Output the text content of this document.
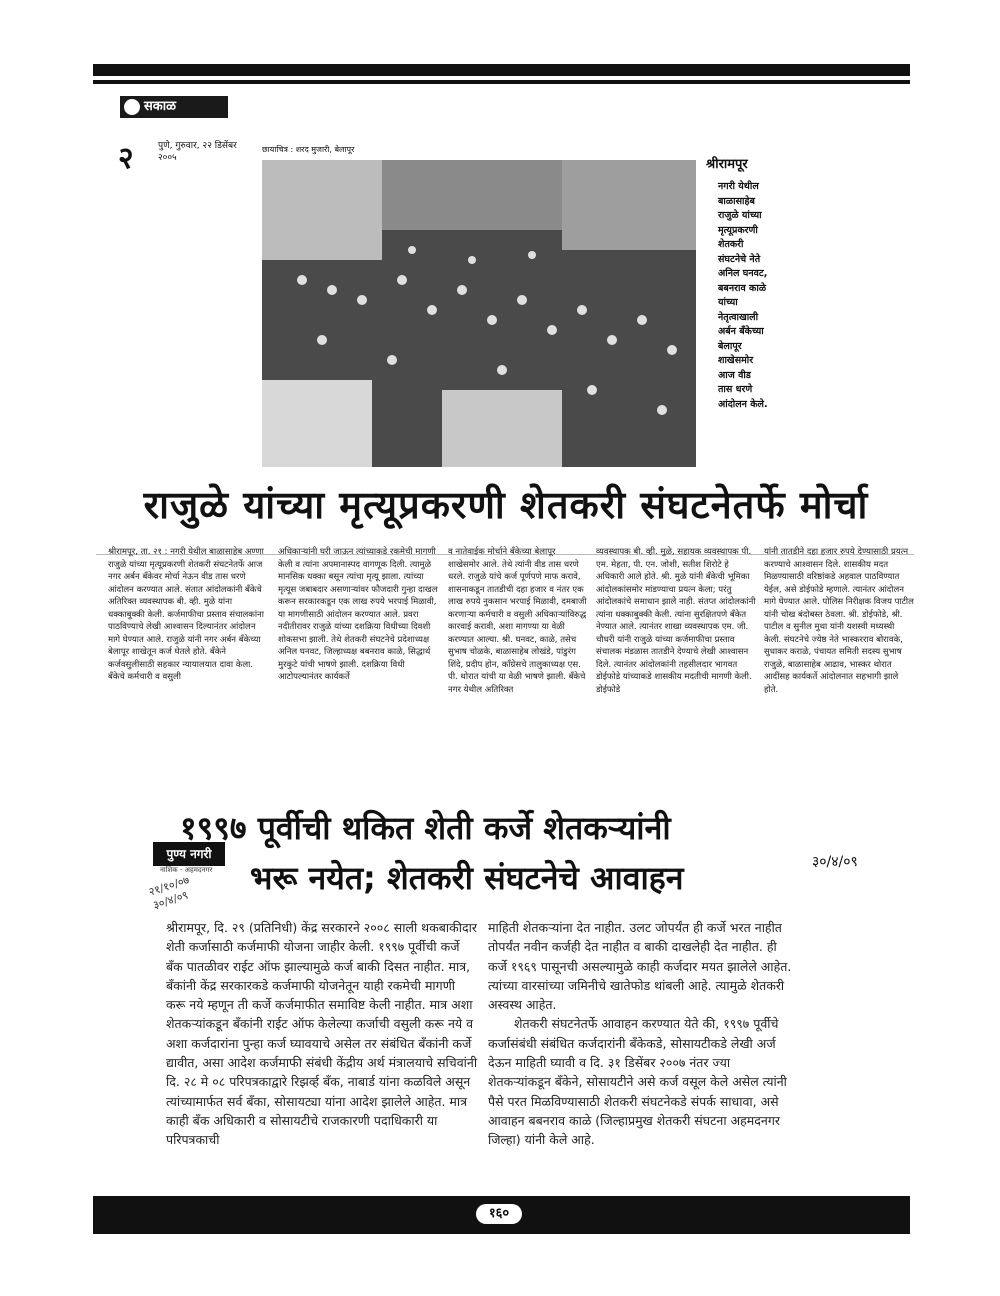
सकाळ
२	पुणे, गुरुवार, २२ डिसेंबर २००५
छायाचित्र : शरद मुजारी, बेलापूर
श्रीरामपूर
नगरी येथील बाळासाहेब राजुळे यांच्या मृत्यूप्रकरणी शेतकरी संघटनेचे नेते अनिल घनवट, बबनराव काळे यांच्या नेतृत्वाखाली अर्बन बँकेच्या बेलापूर शाखेसमोर आज वीड तास धरणे आंदोलन केले.
राजुळे यांच्या मृत्यूप्रकरणी शेतकरी संघटनेतर्फे मोर्चा
श्रीरामपूर, ता. २१ : नगरी येथील बाळासाहेब अण्णा राजुळे यांच्या मृत्यूप्रकरणी शेतकरी संघटनेतर्फे आज नगर अर्बन बँकेवर मोर्चा नेऊन वीड तास धरणे आंदोलन करण्यात आले. संतात आंदोलकांनी बँकेचे अतिरिक्त व्यवस्थापक बी. व्ही. मुळे यांना धक्काबुक्की केली. कर्जमाफीचा प्रस्ताव संचालकांना पाठविण्याचे लेखी आश्वासन दिल्यानंतर आंदोलन मागे घेण्यात आले. राजुळे यांनी नगर अर्बन बँकेच्या बेलापूर शाखेतून कर्ज घेतले होते. बँकेने कर्जवसुलीसाठी सहकार न्यायालयात दावा केला. बँकेचे कर्मचारी व वसुली
अधिकाऱ्यांनी घरी जाऊन त्यांच्याकडे रकमेची मागणी केली व त्यांना अपमानास्पद वागणूक दिली. त्यामुळे मानसिक धक्का बसून त्यांचा मृत्यू झाला. त्यांच्या मृत्यूस जबाबदार असणाऱ्यांवर फौजदारी गुन्हा दाखल करून सरकारकडून एक लाख रुपये भरपाई मिळावी, या मागणीसाठी आंदोलन करण्यात आले. प्रवरा नदीतीरावर राजुळे यांच्या दशक्रिया विधीच्या दिवशी शोकसभा झाली. तेथे शेतकरी संघटनेचे प्रदेशाध्यक्ष अनिल घनवट, जिल्हाध्यक्ष बबनराव काळे, सिद्धार्थ मुरकुटे यांची भाषणे झाली. दशक्रिया विधी आटोपल्यानंतर कार्यकर्ते
व नातेवाईक मोर्चाने बँकेच्या बेलापूर शाखेसमोर आले. तेथे त्यांनी वीड तास धरणे धरले. राजुळे यांचे कर्ज पूर्णपणे माफ करावे, शासनाकडून तातडीची दहा हजार व नंतर एक लाख रुपये नुकसान भरपाई मिळावी, दमबाजी करणाऱ्या कर्मचारी व वसुली अधिकाऱ्यांविरुद्ध कारवाई करावी, अशा मागण्या या वेळी करण्यात आल्या. श्री. घनवट, काळे, तसेच सुभाष चोळके, बाळासाहेब लोखंडे, पांडुरंग शिंदे, प्रदीप होन, काँग्रेसचे तालुकाध्यक्ष एस. पी. थोरात यांची या वेळी भाषणे झाली. बँकेचे नगर येथील अतिरिक्त
व्यवस्थापक बी. व्ही. मुळे, सहायक व्यवस्थापक पी. एम. मेहता, पी. एन. जोशी, सतीश शिरोटे हे अधिकारी आले होते. श्री. मुळे यांनी बँकेची भूमिका आंदोलकांसमोर मांडण्याचा प्रयत्न केला; परंतु आंदोलकांचे समाधान झाले नाही. संतप्त आंदोलकांनी त्यांना धक्काबुक्की केली. त्यांना सुरक्षितपणे बँकेत नेण्यात आले. त्यानंतर शाखा व्यवस्थापक एम. जी. चौधरी यांनी राजुळे यांच्या कर्जमाफीचा प्रस्ताव संचालक मंडळास तातडीने देण्याचे लेखी आश्वासन दिले. त्यानंतर आंदोलकांनी तहसीलदार भागवत डोईफोडे यांच्याकडे शासकीय मदतीची मागणी केली. डोईफोडे
यांनी तातडीने दहा हजार रुपये देण्यासाठी प्रयत्न करण्याचे आश्वासन दिले. शासकीय मदत मिळण्यासाठी वरिष्ठांकडे अहवाल पाठविण्यात येईल, असे डोईफोडे म्हणाले. त्यानंतर आंदोलन मागे घेण्यात आले. पोलिस निरीक्षक विजय पाटील यांनी चोख बंदोबस्त ठेवला. श्री. डोईफोडे, श्री. पाटील व सुनील मुथा यांनी यशस्वी मध्यस्थी केली. संघटनेचे ज्येष्ठ नेते भास्करराव बोरावके, सुधाकर कराळे, पंचायत समिती सदस्य सुभाष राजुळे, बाळासाहेब आढाव, भास्कर थोरात आदींसह कार्यकर्ते आंदोलनात सहभागी झाले होते.
पुण्य नगरी
नाशिक - अहमदनगर	३०/४/०९
१९९७ पूर्वीची थकित शेती कर्जे शेतकऱ्यांनी
भरू नयेत; शेतकरी संघटनेचे आवाहन
२१/१०/०७ ३०/४/०९

श्रीरामपूर, दि. २९ (प्रतिनिधी) केंद्र सरकारने २००८ साली थकबाकीदार शेती कर्जासाठी कर्जमाफी योजना जाहीर केली. १९९७ पूर्वीची कर्जे बँक पातळीवर राईट ऑफ झाल्यामुळे कर्ज बाकी दिसत नाहीत. मात्र, बँकांनी केंद्र सरकारकडे कर्जमाफी योजनेतून याही रकमेची मागणी करू नये म्हणून ती कर्जे कर्जमाफीत समाविष्ट केली नाहीत. मात्र अशा शेतकऱ्यांकडून बँकांनी राईट ऑफ केलेल्या कर्जाची वसुली करू नये व अशा कर्जदारांना पुन्हा कर्ज घ्यावयाचे असेल तर संबंधित बँकांनी कर्जे द्यावीत, असा आदेश कर्जमाफी संबंधी केंद्रीय अर्थ मंत्रालयाचे सचिवांनी दि. २८ मे ०८ परिपत्रकाद्वारे रिझर्व्ह बँक, नाबार्ड यांना कळविले असून त्यांच्यामार्फत सर्व बँका, सोसायट्या यांना आदेश झालेले आहेत. मात्र काही बँक अधिकारी व सोसायटीचे राजकारणी पदाधिकारी या परिपत्रकाची

माहिती शेतकऱ्यांना देत नाहीत. उलट जोपर्यंत ही कर्जे भरत नाहीत तोपर्यंत नवीन कर्जही देत नाहीत व बाकी दाखलेही देत नाहीत. ही कर्जे १९६९ पासूनची असल्यामुळे काही कर्जदार मयत झालेले आहेत. त्यांच्या वारसांच्या जमिनीचे खातेफोड थांबली आहे. त्यामुळे शेतकरी अस्वस्थ आहेत.

शेतकरी संघटनेतर्फे आवाहन करण्यात येते की, १९९७ पूर्वीचे कर्जासंबंधी संबंधित कर्जदारांनी बँकेकडे, सोसायटीकडे लेखी अर्ज देऊन माहिती घ्यावी व दि. ३१ डिसेंबर २००७ नंतर ज्या शेतकऱ्यांकडून बँकेने, सोसायटीने असे कर्ज वसूल केले असेल त्यांनी पैसे परत मिळविण्यासाठी शेतकरी संघटनेकडे संपर्क साधावा, असे आवाहन बबनराव काळे (जिल्हाप्रमुख शेतकरी संघटना अहमदनगर जिल्हा) यांनी केले आहे.

१६०
